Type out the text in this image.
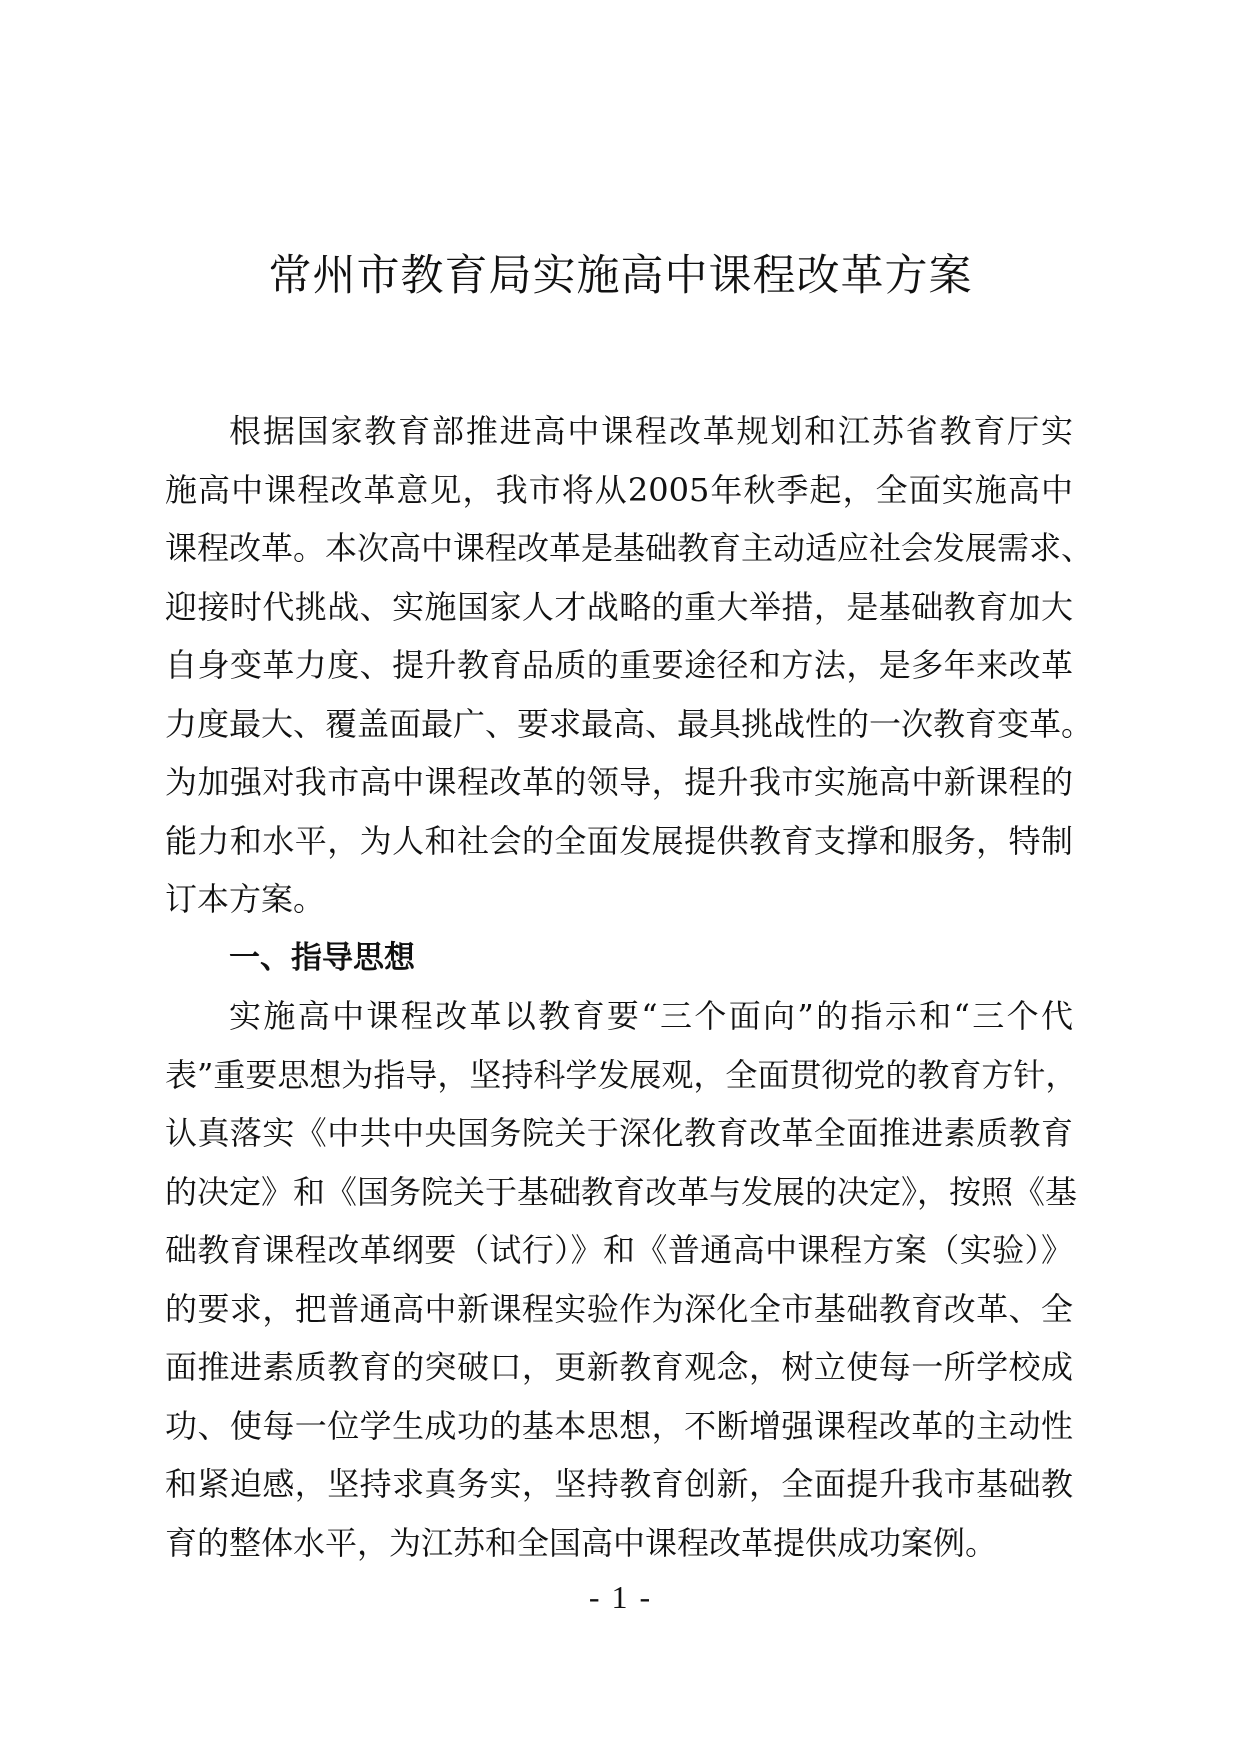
常州市教育局实施高中课程改革方案
根据国家教育部推进高中课程改革规划和江苏省教育厅实
施高中课程改革意见，我市将从2005年秋季起，全面实施高中
课程改革。本次高中课程改革是基础教育主动适应社会发展需求、
迎接时代挑战、实施国家人才战略的重大举措，是基础教育加大
自身变革力度、提升教育品质的重要途径和方法，是多年来改革
力度最大、覆盖面最广、要求最高、最具挑战性的一次教育变革。
为加强对我市高中课程改革的领导，提升我市实施高中新课程的
能力和水平，为人和社会的全面发展提供教育支撑和服务，特制
订本方案。
一、指导思想
实施高中课程改革以教育要“三个面向”的指示和“三个代
表”重要思想为指导，坚持科学发展观，全面贯彻党的教育方针，
认真落实《中共中央国务院关于深化教育改革全面推进素质教育
的决定》和《国务院关于基础教育改革与发展的决定》，按照《基
础教育课程改革纲要（试行）》和《普通高中课程方案（实验）》
的要求，把普通高中新课程实验作为深化全市基础教育改革、全
面推进素质教育的突破口，更新教育观念，树立使每一所学校成
功、使每一位学生成功的基本思想，不断增强课程改革的主动性
和紧迫感，坚持求真务实，坚持教育创新，全面提升我市基础教
育的整体水平，为江苏和全国高中课程改革提供成功案例。
- 1 -
